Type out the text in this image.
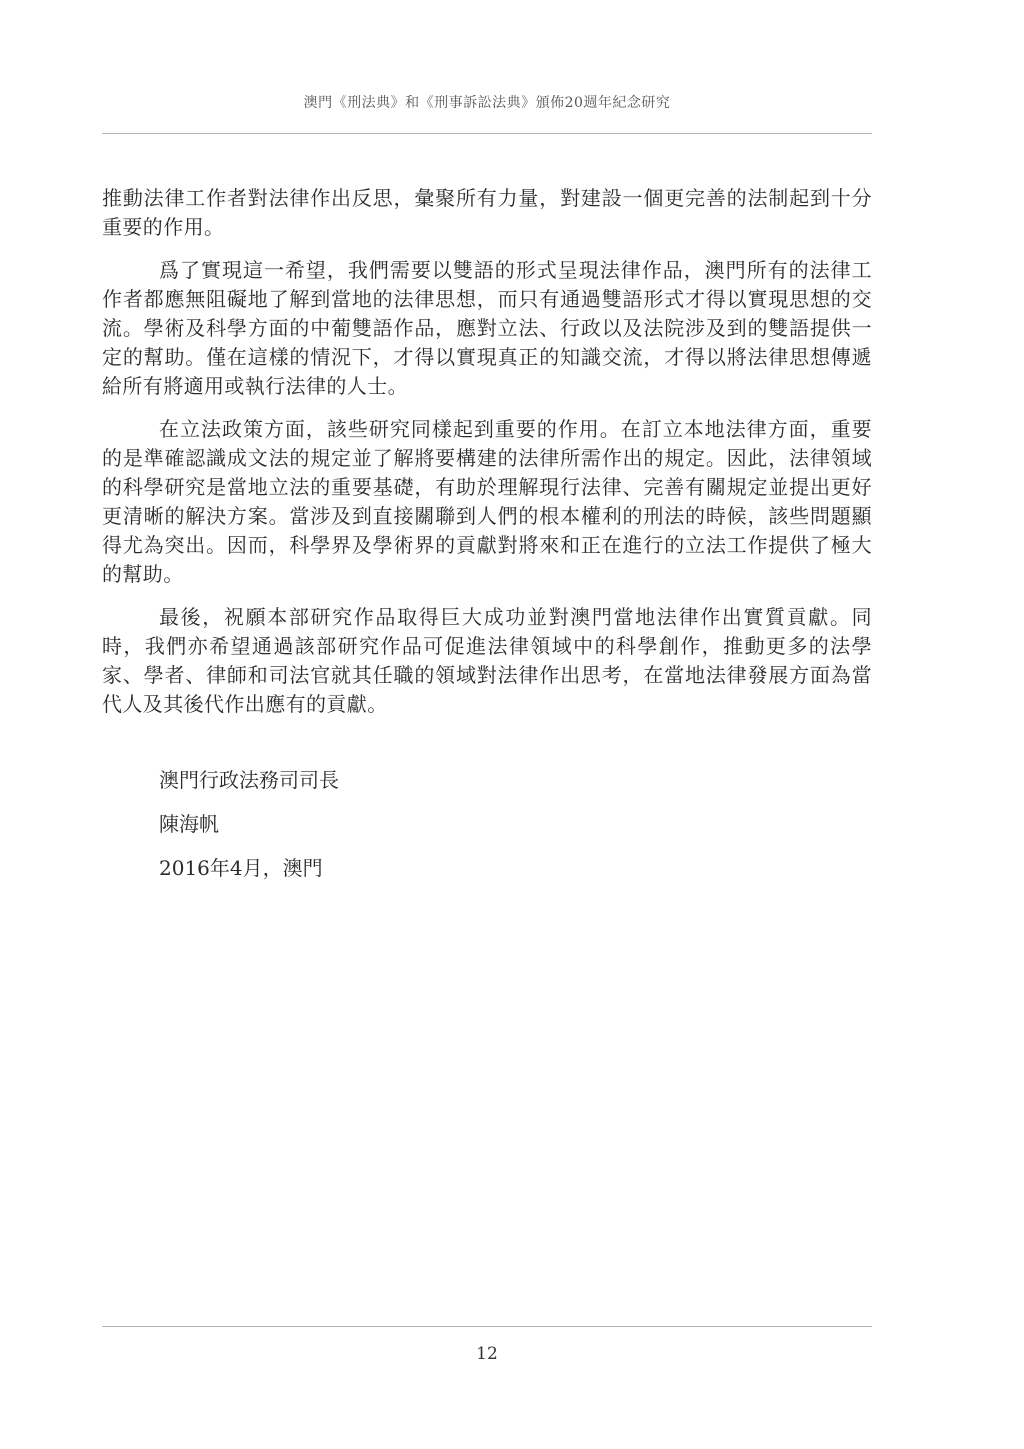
澳門《刑法典》和《刑事訴訟法典》頒佈20週年紀念研究

推動法律工作者對法律作出反思，彙聚所有力量，對建設一個更完善的法制起到十分重要的作用。

爲了實現這一希望，我們需要以雙語的形式呈現法律作品，澳門所有的法律工作者都應無阻礙地了解到當地的法律思想，而只有通過雙語形式才得以實現思想的交流。學術及科學方面的中葡雙語作品，應對立法、行政以及法院涉及到的雙語提供一定的幫助。僅在這樣的情況下，才得以實現真正的知識交流，才得以將法律思想傳遞給所有將適用或執行法律的人士。

在立法政策方面，該些研究同樣起到重要的作用。在訂立本地法律方面，重要的是準確認識成文法的規定並了解將要構建的法律所需作出的規定。因此，法律領域的科學研究是當地立法的重要基礎，有助於理解現行法律、完善有關規定並提出更好更清晰的解決方案。當涉及到直接關聯到人們的根本權利的刑法的時候，該些問題顯得尤為突出。因而，科學界及學術界的貢獻對將來和正在進行的立法工作提供了極大的幫助。

最後，祝願本部研究作品取得巨大成功並對澳門當地法律作出實質貢獻。同時，我們亦希望通過該部研究作品可促進法律領域中的科學創作，推動更多的法學家、學者、律師和司法官就其任職的領域對法律作出思考，在當地法律發展方面為當代人及其後代作出應有的貢獻。

澳門行政法務司司長
陳海帆
2016年4月，澳門
12
